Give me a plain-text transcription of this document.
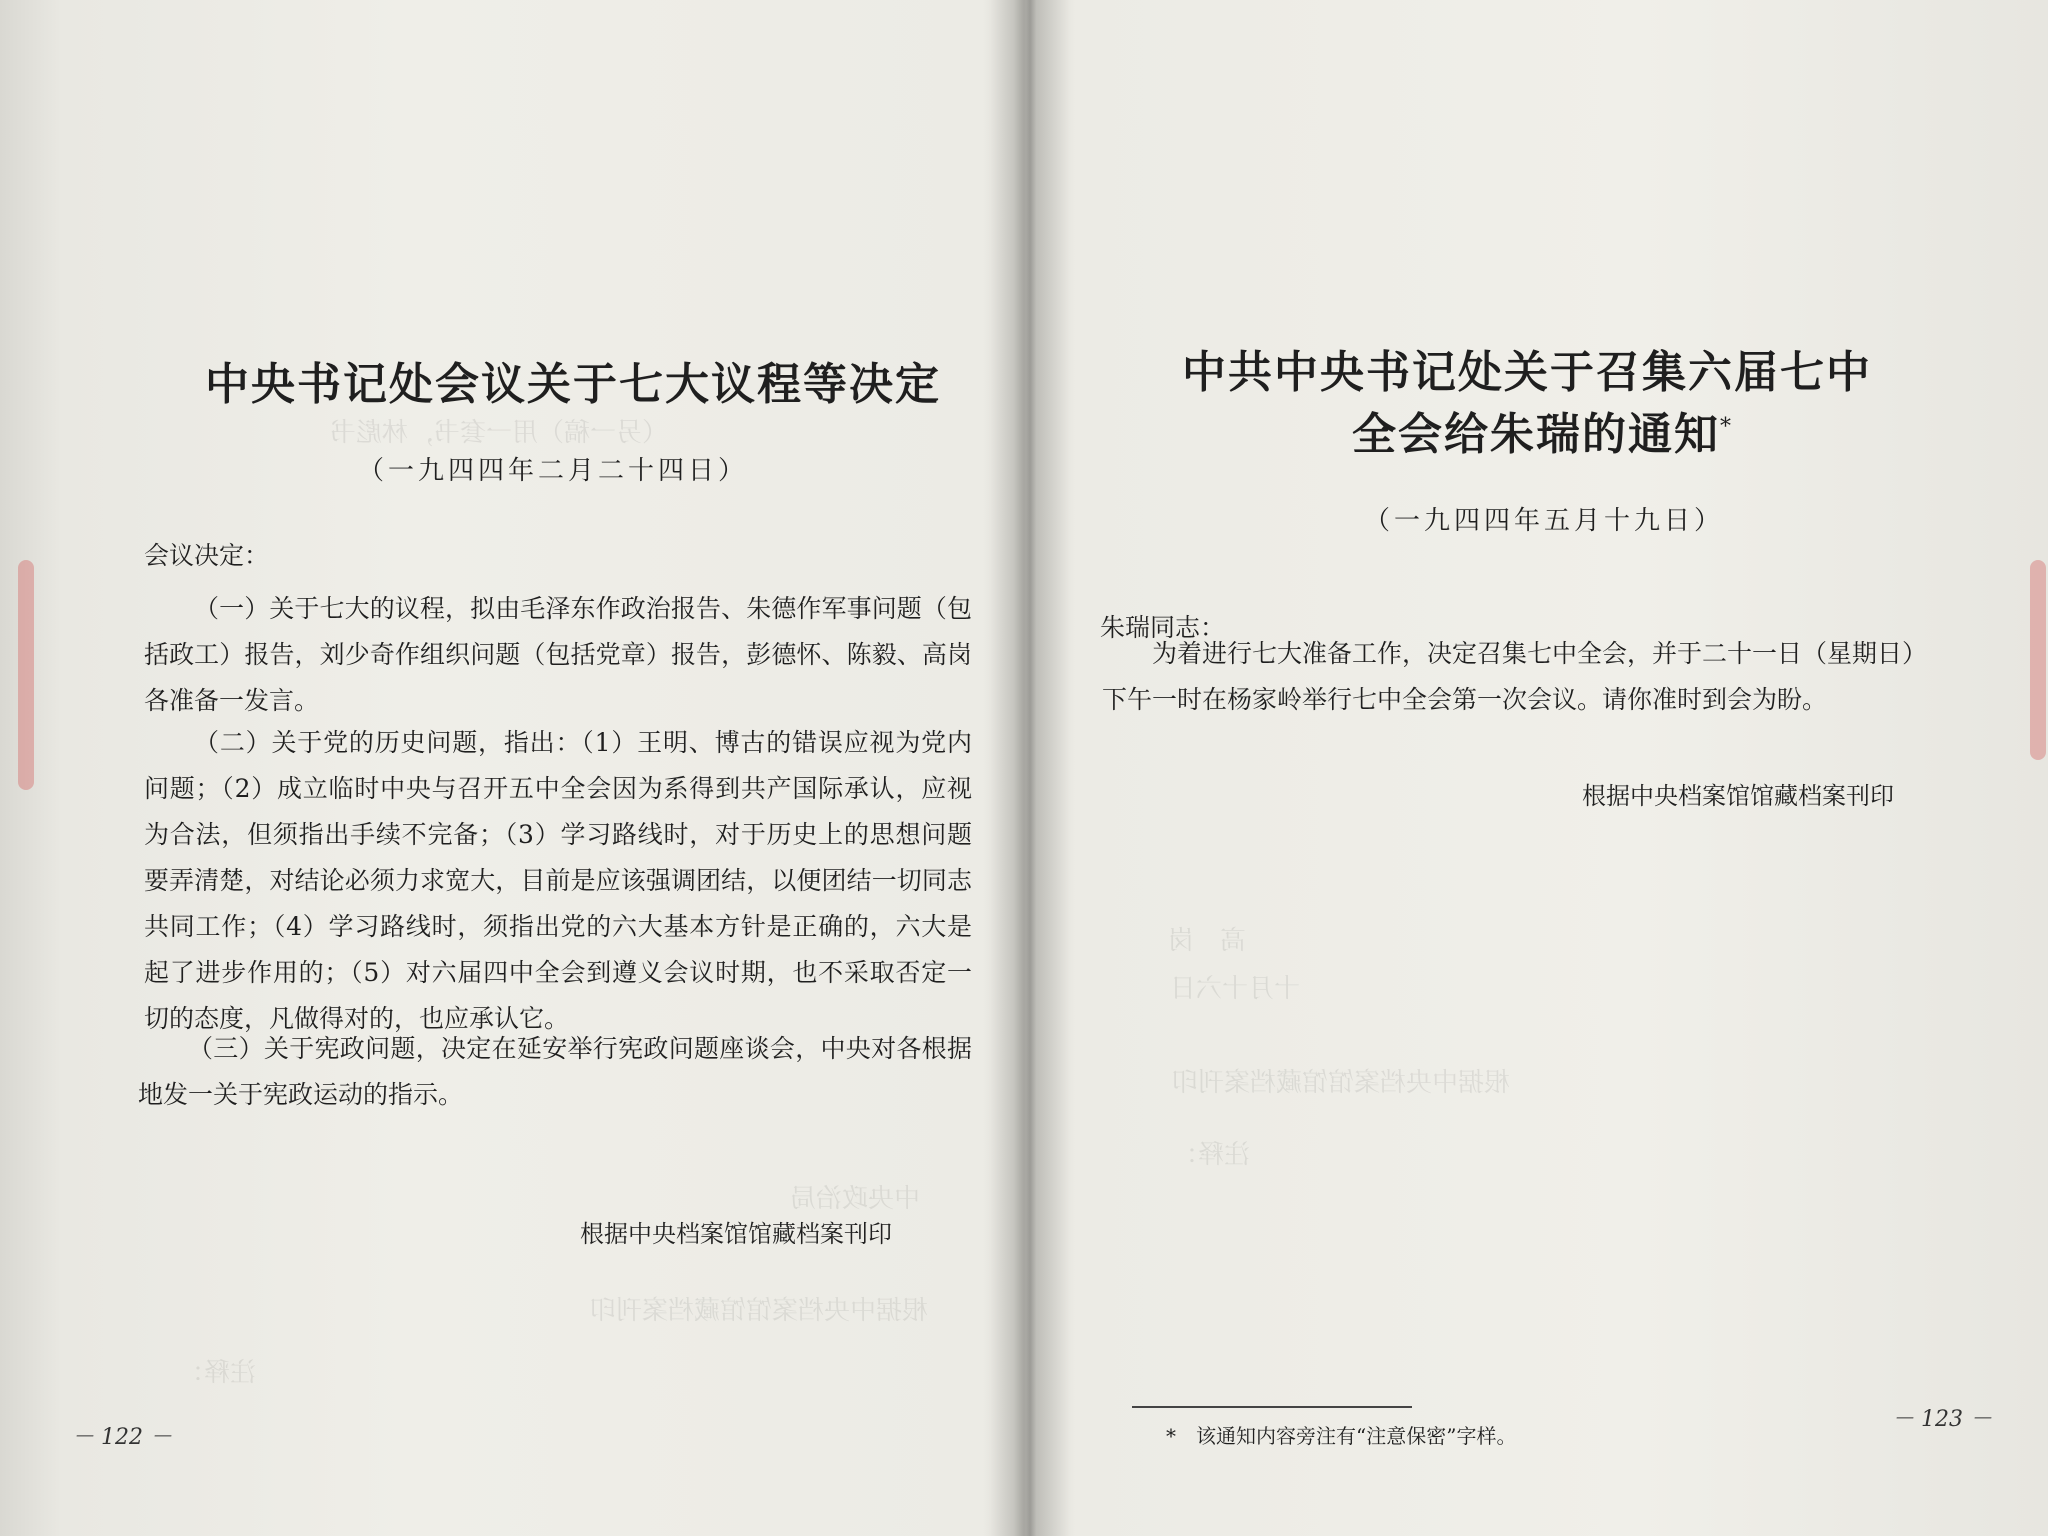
（另一稿）用一套书，林彪书
中央政治局
根据中央档案馆馆藏档案刊印
注释：
中央书记处会议关于七大议程等决定
（一九四四年二月二十四日）
会议决定：
（一）关于七大的议程，拟由毛泽东作政治报告、朱德作军事问题（包括政工）报告，刘少奇作组织问题（包括党章）报告，彭德怀、陈毅、高岗各准备一发言。
（二）关于党的历史问题，指出：（1）王明、博古的错误应视为党内问题；（2）成立临时中央与召开五中全会因为系得到共产国际承认，应视为合法，但须指出手续不完备；（3）学习路线时，对于历史上的思想问题要弄清楚，对结论必须力求宽大，目前是应该强调团结，以便团结一切同志共同工作；（4）学习路线时，须指出党的六大基本方针是正确的，六大是起了进步作用的；（5）对六届四中全会到遵义会议时期，也不采取否定一切的态度，凡做得对的，也应承认它。
（三）关于宪政问题，决定在延安举行宪政问题座谈会，中央对各根据地发一关于宪政运动的指示。
根据中央档案馆馆藏档案刊印
－ 122 －
高　岗
十月十六日
根据中央档案馆馆藏档案刊印
注释：
中共中央书记处关于召集六届七中
全会给朱瑞的通知*
（一九四四年五月十九日）
朱瑞同志：
为着进行七大准备工作，决定召集七中全会，并于二十一日（星期日）
下午一时在杨家岭举行七中全会第一次会议。请你准时到会为盼。
根据中央档案馆馆藏档案刊印
*　该通知内容旁注有“注意保密”字样。
－ 123 －
